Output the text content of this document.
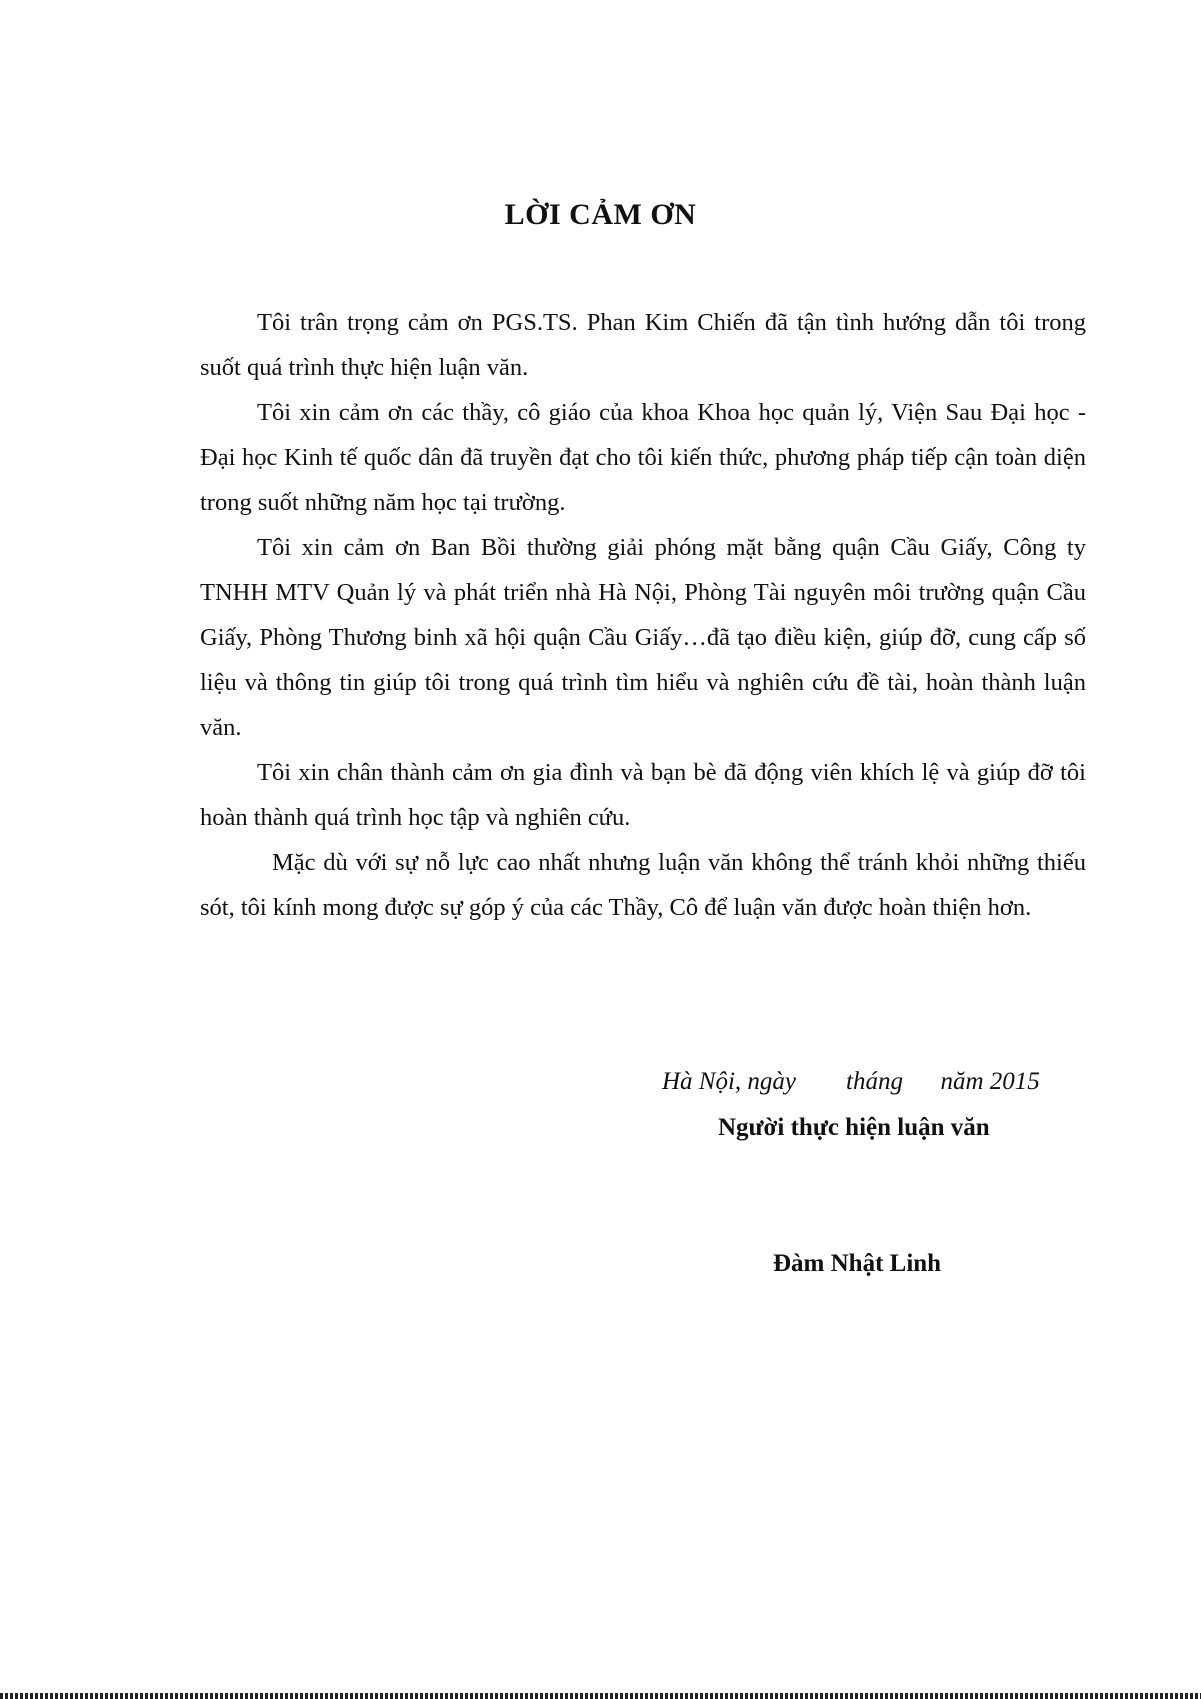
LỜI CẢM ƠN

Tôi trân trọng cảm ơn PGS.TS. Phan Kim Chiến đã tận tình hướng dẫn tôi trong suốt quá trình thực hiện luận văn.

Tôi xin cảm ơn các thầy, cô giáo của khoa Khoa học quản lý, Viện Sau Đại học - Đại học Kinh tế quốc dân đã truyền đạt cho tôi kiến thức, phương pháp tiếp cận toàn diện trong suốt những năm học tại trường.

Tôi xin cảm ơn Ban Bồi thường giải phóng mặt bằng quận Cầu Giấy, Công ty TNHH MTV Quản lý và phát triển nhà Hà Nội, Phòng Tài nguyên môi trường quận Cầu Giấy, Phòng Thương binh xã hội quận Cầu Giấy…đã tạo điều kiện, giúp đỡ, cung cấp số liệu và thông tin giúp tôi trong quá trình tìm hiểu và nghiên cứu đề tài, hoàn thành luận văn.

Tôi xin chân thành cảm ơn gia đình và bạn bè đã động viên khích lệ và giúp đỡ tôi hoàn thành quá trình học tập và nghiên cứu.

Mặc dù với sự nỗ lực cao nhất nhưng luận văn không thể tránh khỏi những thiếu sót, tôi kính mong được sự góp ý của các Thầy, Cô để luận văn được hoàn thiện hơn.

Hà Nội, ngày        tháng      năm 2015
Người thực hiện luận văn
Đàm Nhật Linh
